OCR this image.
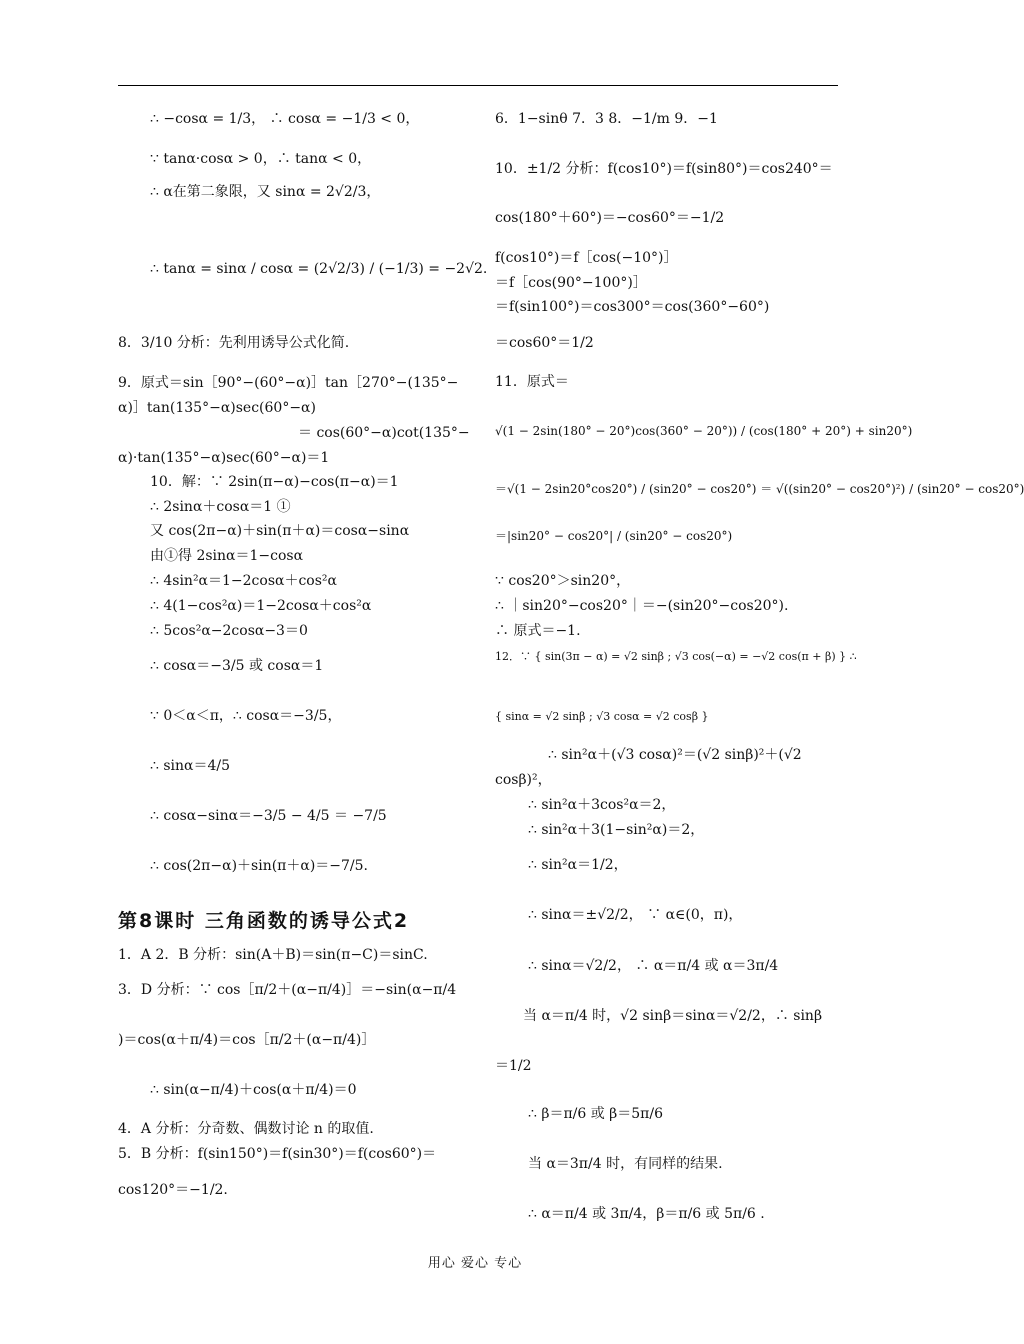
∴ −cosα = 1/3， ∴ cosα = −1/3 < 0，
∵ tanα·cosα > 0，∴ tanα < 0，
∴ α在第二象限，又 sinα = 2√2/3，
∴ tanα = sinα / cosα = (2√2/3) / (−1/3) = −2√2.
8．3/10 分析：先利用诱导公式化简.
9．原式＝sin［90°−(60°−α)］tan［270°−(135°−
α)］tan(135°−α)sec(60°−α)
＝ cos(60°−α)cot(135°−
α)·tan(135°−α)sec(60°−α)＝1
10．解：∵ 2sin(π−α)−cos(π−α)＝1
∴ 2sinα＋cosα＝1 ①
又 cos(2π−α)＋sin(π＋α)＝cosα−sinα
由①得 2sinα＝1−cosα
∴ 4sin²α＝1−2cosα＋cos²α
∴ 4(1−cos²α)＝1−2cosα＋cos²α
∴ 5cos²α−2cosα−3＝0
∴ cosα＝−3/5 或 cosα＝1
∵ 0＜α＜π，∴ cosα＝−3/5，
∴ sinα＝4/5
∴ cosα−sinα＝−3/5 − 4/5 ＝ −7/5
∴ cos(2π−α)＋sin(π＋α)＝−7/5.
第8课时 三角函数的诱导公式2
1．A 2．B 分析：sin(A＋B)＝sin(π−C)＝sinC.
3．D 分析：∵ cos［π/2＋(α−π/4)］＝−sin(α−π/4
)＝cos(α＋π/4)＝cos［π/2＋(α−π/4)］
∴ sin(α−π/4)＋cos(α＋π/4)＝0
4．A 分析：分奇数、偶数讨论 n 的取值.
5．B 分析：f(sin150°)＝f(sin30°)＝f(cos60°)＝
cos120°＝−1/2.
6．1−sinθ 7．3 8．−1/m 9．−1
10．±1/2 分析：f(cos10°)＝f(sin80°)＝cos240°＝
cos(180°＋60°)＝−cos60°＝−1/2
f(cos10°)＝f［cos(−10°)］
＝f［cos(90°−100°)］
＝f(sin100°)＝cos300°＝cos(360°−60°)
＝cos60°＝1/2
11．原式＝
√(1 − 2sin(180° − 20°)cos(360° − 20°)) / (cos(180° + 20°) + sin20°)
＝√(1 − 2sin20°cos20°) / (sin20° − cos20°) ＝ √((sin20° − cos20°)²) / (sin20° − cos20°)
＝|sin20° − cos20°| / (sin20° − cos20°)
∵ cos20°＞sin20°，
∴ ｜sin20°−cos20°｜＝−(sin20°−cos20°).
∴ 原式＝−1.
12．∵ { sin(3π − α) = √2 sinβ ; √3 cos(−α) = −√2 cos(π + β) } ∴
{ sinα = √2 sinβ ; √3 cosα = √2 cosβ }
∴ sin²α＋(√3 cosα)²＝(√2 sinβ)²＋(√2
cosβ)²，
∴ sin²α＋3cos²α＝2，
∴ sin²α＋3(1−sin²α)＝2，
∴ sin²α＝1/2，
∴ sinα＝±√2/2， ∵ α∈(0，π)，
∴ sinα＝√2/2， ∴ α＝π/4 或 α＝3π/4
当 α＝π/4 时，√2 sinβ＝sinα＝√2/2，∴ sinβ
＝1/2
∴ β＝π/6 或 β＝5π/6
当 α＝3π/4 时，有同样的结果.
∴ α＝π/4 或 3π/4，β＝π/6 或 5π/6 .
用心 爱心 专心
